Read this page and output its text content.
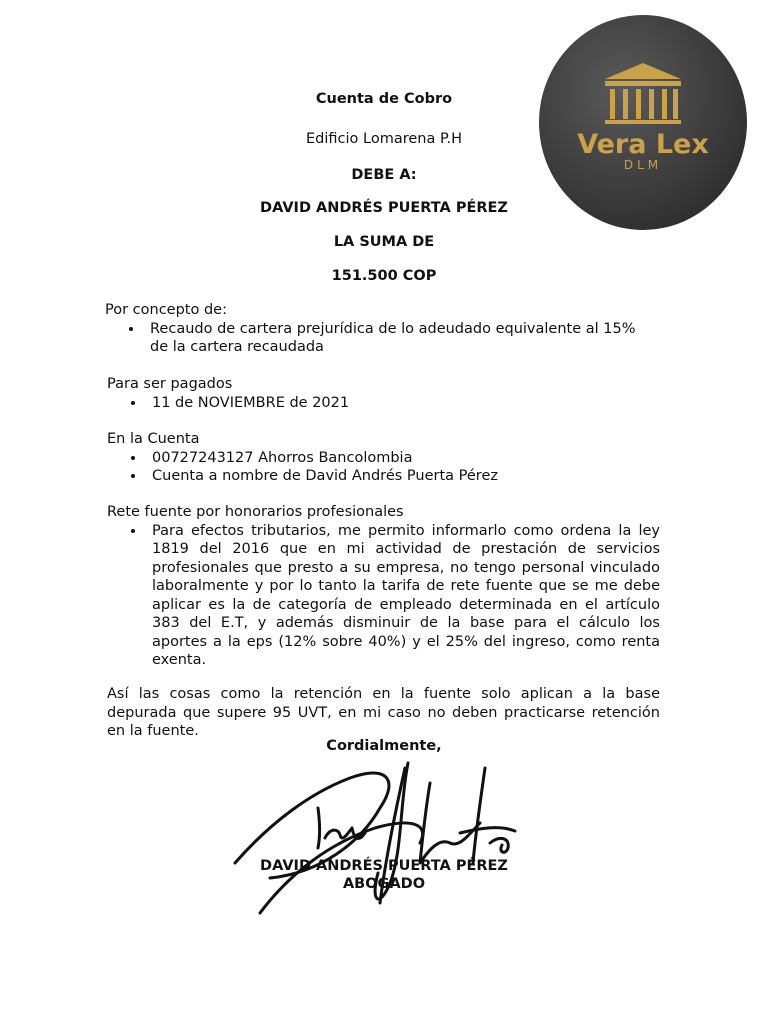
Vera Lex
DLM
Cuenta de Cobro
Edificio Lomarena P.H
DEBE A:
DAVID ANDRÉS PUERTA PÉREZ
LA SUMA DE
151.500 COP

Por concepto de:

Recaudo de cartera prejurídica de lo adeudado equivalente al 15% de la cartera recaudada

Para ser pagados

11 de NOVIEMBRE de 2021

En la Cuenta

00727243127 Ahorros Bancolombia
Cuenta a nombre de David Andrés Puerta Pérez

Rete fuente por honorarios profesionales

Para efectos tributarios, me permito informarlo como ordena la ley 1819 del 2016 que en mi actividad de prestación de servicios profesionales que presto a su empresa, no tengo personal vinculado laboralmente y por lo tanto la tarifa de rete fuente que se me debe aplicar es la de categoría de empleado determinada en el artículo 383 del E.T, y además disminuir de la base para el cálculo los aportes a la eps (12% sobre 40%) y el 25% del ingreso, como renta exenta.
Así las cosas como la retención en la fuente solo aplican a la base depurada que supere 95 UVT, en mi caso no deben practicarse retención en la fuente.
Cordialmente,
DAVID ANDRÉS PUERTA PÉREZ
ABOGADO
